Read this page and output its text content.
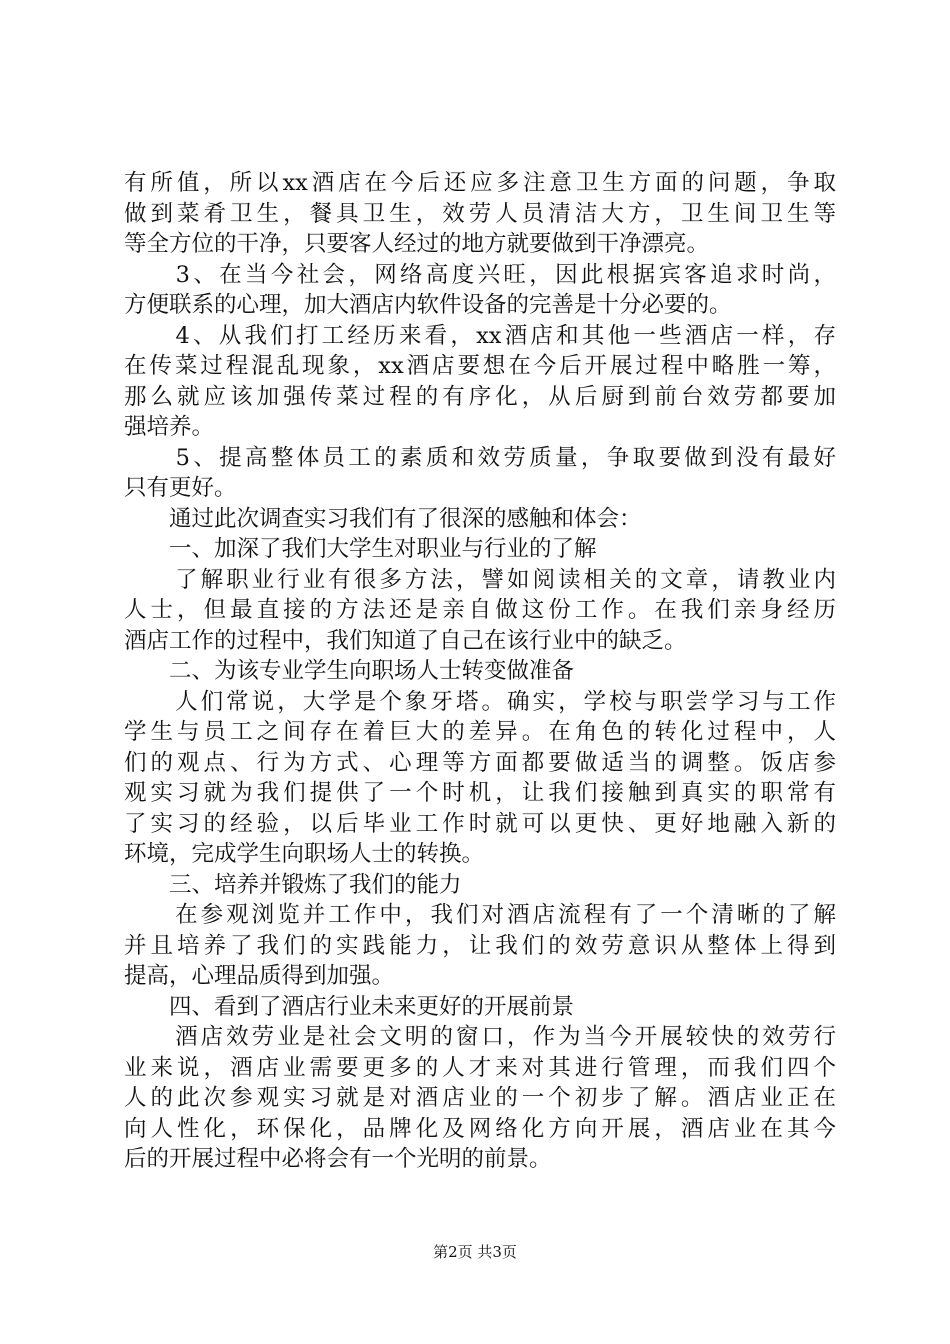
有所值，所以xx酒店在今后还应多注意卫生方面的问题，争取
做到菜肴卫生，餐具卫生，效劳人员清洁大方，卫生间卫生等
等全方位的干净，只要客人经过的地方就要做到干净漂亮。
　　3、在当今社会，网络高度兴旺，因此根据宾客追求时尚，
方便联系的心理，加大酒店内软件设备的完善是十分必要的。
　　4、从我们打工经历来看，xx酒店和其他一些酒店一样，存
在传菜过程混乱现象，xx酒店要想在今后开展过程中略胜一筹，
那么就应该加强传菜过程的有序化，从后厨到前台效劳都要加
强培养。
　　5、提高整体员工的素质和效劳质量，争取要做到没有最好
只有更好。
　　通过此次调查实习我们有了很深的感触和体会：
　　一、加深了我们大学生对职业与行业的了解
　　了解职业行业有很多方法，譬如阅读相关的文章，请教业内
人士，但最直接的方法还是亲自做这份工作。在我们亲身经历
酒店工作的过程中，我们知道了自己在该行业中的缺乏。
　　二、为该专业学生向职场人士转变做准备
　　人们常说，大学是个象牙塔。确实，学校与职尝学习与工作
学生与员工之间存在着巨大的差异。在角色的转化过程中，人
们的观点、行为方式、心理等方面都要做适当的调整。饭店参
观实习就为我们提供了一个时机，让我们接触到真实的职常有
了实习的经验，以后毕业工作时就可以更快、更好地融入新的
环境，完成学生向职场人士的转换。
　　三、培养并锻炼了我们的能力
　　在参观浏览并工作中，我们对酒店流程有了一个清晰的了解
并且培养了我们的实践能力，让我们的效劳意识从整体上得到
提高，心理品质得到加强。
　　四、看到了酒店行业未来更好的开展前景
　　酒店效劳业是社会文明的窗口，作为当今开展较快的效劳行
业来说，酒店业需要更多的人才来对其进行管理，而我们四个
人的此次参观实习就是对酒店业的一个初步了解。酒店业正在
向人性化，环保化，品牌化及网络化方向开展，酒店业在其今
后的开展过程中必将会有一个光明的前景。
第2页 共3页
